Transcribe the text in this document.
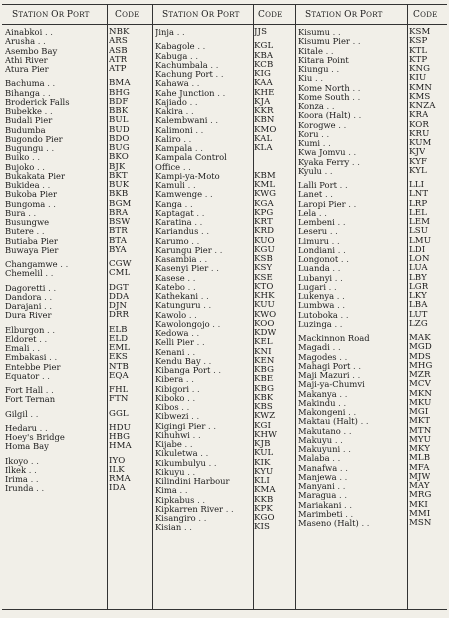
STATION OR PORT	CODE
Ainabkoi . .	NBK
Arusha . .	ARS
Asembo Bay	ASB
Athi River	ATR
Atura Pier	ATP
Bachuma . .	BMA
Bihanga . .	BHG
Broderick Falls	BDF
Bubekke . .	BBK
Budali Pier	BUL
Budumba	BUD
Bugondo Pier	BDO
Bugungu . .	BUG
Buiko . .	BKO
Bujoko . .	BJK
Bukakata Pier	BKT
Bukidea . .	BUK
Bukoba Pier	BKB
Bungoma . .	BGM
Bura . .	BRA
Busungwe	BSW
Butere . .	BTR
Butiaba Pier	BTA
Buwaya Pier	BYA
Changamwe . .	CGW
Chemelil . .	CML
Dagoretti . .	DGT
Dandora . .	DDA
Darajani . .	DJN
Dura River	DRR
Elburgon . .	ELB
Eldoret . .	ELD
Emali . .	EML
Embakasi . .	EKS
Entebbe Pier	NTB
Equator . .	EQA
Fort Hall . .	FHL
Fort Ternan	FTN
Gilgil . .	GGL
Hedaru . .	HDU
Hoey's Bridge	HBG
Homa Bay	HMA
Ikoyo . .	IYO
Ilkek . .	ILK
Irima . .	RMA
Irunda . .	IDA
STATION OR PORT CODE
Jinja . .	JJS
Kabagole . .	KGL
Kabuga . .	KBA
Kachumbala . .	KCB
Kachung Port . .	KIG
Kahawa . .	KAA
Kahe Junction . .	KHE
Kajiado . .	KJA
Kakira . .	KKR
Kalembwani . .	KBN
Kalimoni . .	KMO
Kaliro . .	KAL
Kampala . .	KLA
Kampala Control
Office . .
Kampi-ya-Moto	KBM
Kamuli . .	KML
Kamwenge . .	KWG
Kanga . .	KGA
Kaptagat . .	KPG
Karatina . .	KRT
Kariandus . .	KRD
Karumo . .	KUO
Karungu Pier . .	KGU
Kasambia . .	KSB
Kasenyi Pier . .	KSY
Kasese . .	KSE
Katebo . .	KTO
Kathekani . .	KHK
Katunguru . .	KUU
Kawolo . .	KWO
Kawolongojo . .	KOO
Kedowa . .	KDW
Kelli Pier . .	KEL
Kenani . .	KNI
Kendu Bay . .	KEN
Kibanga Port . .	KBG
Kibera . .	KBE
Kibigori . .	KBG
Kiboko . .	KBK
Kibos . .	KBS
Kibwezi . .	KWZ
Kigingi Pier . .	KGI
Kihuhwi . .	KHW
Kijabe . .	KJB
Kikuletwa . .	KUL
Kikumbulyu . .	KIK
Kikuyu . .	KYU
Kilindini Harbour	KLI
Kima . .	KMA
Kipkabus . .	KKB
Kipkarren River . .	KPK
Kisangiro . .	KGO
Kisian . .	KIS
STATION OR PORT	CODE
Kisumu . .	KSM
Kisumu Pier . .	KSP
Kitale . .	KTL
Kitara Point	KTP
Kiungu . .	KNG
Kiu . .	KIU
Kome North . .	KMN
Kome South . .	KMS
Konza . .	KNZA
Koora (Halt) . .	KRA
Korogwe . .	KOR
Koru . .	KRU
Kumi . .	KUM
Kwa Jomvu . .	KJV
Kyaka Ferry . .	KYF
Kyulu . .	KYL
Lalli Port . .	LLI
Lanet . .	LNT
Laropi Pier . .	LRP
Lela . .	LEL
Lembeni . .	LEM
Leseru . .	LSU
Limuru . .	LMU
Londiani . .	LDI
Longonot . .	LON
Luanda . .	LUA
Lubanyi . .	LBY
Lugari . .	LGR
Lukenya . .	LKY
Lumbwa . .	LBA
Lutoboka . .	LUT
Luzinga . .	LZG
Mackinnon Road	MAK
Magadi . .	MGD
Magodes . .	MDS
Mahagi Port . .	MHG
Maji Mazuri . .	MZR
Maji-ya-Chumvi	MCV
Makanya . .	MKN
Makindu . .	MKU
Makongeni . .	MGI
Maktau (Halt) . .	MKT
Makutano . .	MTN
Makuyu . .	MYU
Makuyuni . .	MKY
Malaba . .	MLB
Manafwa . .	MFA
Manjewa . .	MJW
Manyani . .	MAY
Maragua . .	MRG
Mariakani . .	MKI
Marimbeti . .	MMI
Maseno (Halt) . .	MSN
